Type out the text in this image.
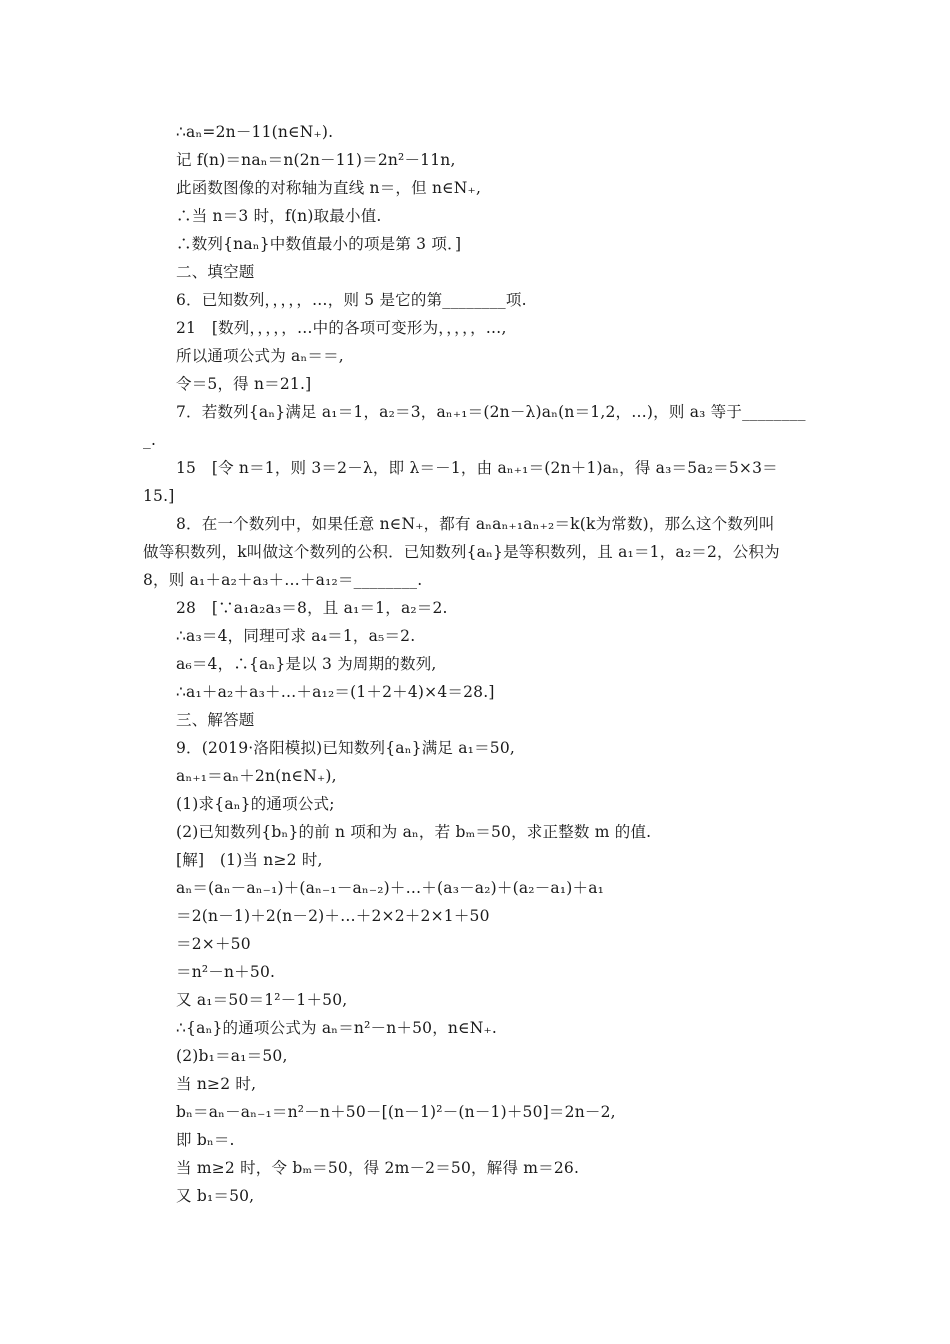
∴aₙ=2n－11(n∈N₊).
记 f(n)＝naₙ＝n(2n－11)＝2n²－11n,
此函数图像的对称轴为直线 n＝，但 n∈N₊,
∴当 n＝3 时，f(n)取最小值.
∴数列{naₙ}中数值最小的项是第 3 项．]
二、填空题
6．已知数列，，，，，…，则 5 是它的第________项.
21　[数列，，，，，…中的各项可变形为，，，，，…,
所以通项公式为 aₙ＝＝,
令＝5，得 n＝21.]
7．若数列{aₙ}满足 a₁＝1，a₂＝3，aₙ₊₁＝(2n－λ)aₙ(n＝1,2，…)，则 a₃ 等于________
_.
15　[令 n＝1，则 3＝2－λ，即 λ＝－1，由 aₙ₊₁＝(2n＋1)aₙ，得 a₃＝5a₂＝5×3＝
15.]
8．在一个数列中，如果任意 n∈N₊，都有 aₙaₙ₊₁aₙ₊₂＝k(k为常数)，那么这个数列叫
做等积数列，k叫做这个数列的公积．已知数列{aₙ}是等积数列，且 a₁＝1，a₂＝2，公积为
8，则 a₁＋a₂＋a₃＋…＋a₁₂＝________.
28　[∵a₁a₂a₃＝8，且 a₁＝1，a₂＝2.
∴a₃＝4，同理可求 a₄＝1，a₅＝2.
a₆＝4，∴{aₙ}是以 3 为周期的数列,
∴a₁＋a₂＋a₃＋…＋a₁₂＝(1＋2＋4)×4＝28.]
三、解答题
9．(2019·洛阳模拟)已知数列{aₙ}满足 a₁＝50,
aₙ₊₁＝aₙ＋2n(n∈N₊),
(1)求{aₙ}的通项公式;
(2)已知数列{bₙ}的前 n 项和为 aₙ，若 bₘ＝50，求正整数 m 的值.
[解]　(1)当 n≥2 时,
aₙ＝(aₙ－aₙ₋₁)＋(aₙ₋₁－aₙ₋₂)＋…＋(a₃－a₂)＋(a₂－a₁)＋a₁
＝2(n－1)＋2(n－2)＋…＋2×2＋2×1＋50
＝2×＋50
＝n²－n＋50.
又 a₁＝50＝1²－1＋50,
∴{aₙ}的通项公式为 aₙ＝n²－n＋50，n∈N₊.
(2)b₁＝a₁＝50,
当 n≥2 时,
bₙ＝aₙ－aₙ₋₁＝n²－n＋50－[(n－1)²－(n－1)＋50]＝2n－2,
即 bₙ＝.
当 m≥2 时，令 bₘ＝50，得 2m－2＝50，解得 m＝26.
又 b₁＝50,
